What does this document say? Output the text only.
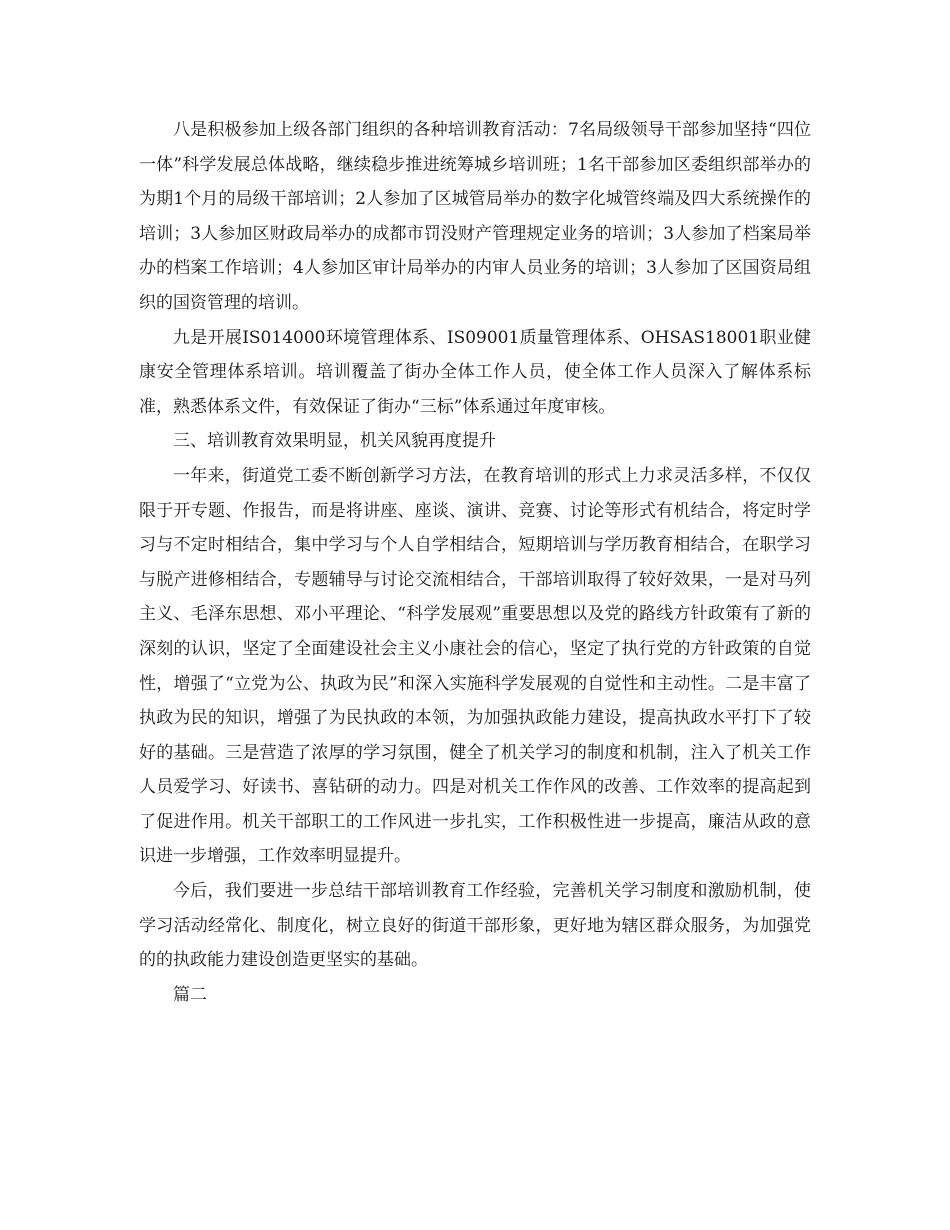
八是积极参加上级各部门组织的各种培训教育活动：7名局级领导干部参加坚持“四位一体”科学发展总体战略，继续稳步推进统筹城乡培训班；1名干部参加区委组织部举办的为期1个月的局级干部培训；2人参加了区城管局举办的数字化城管终端及四大系统操作的培训；3人参加区财政局举办的成都市罚没财产管理规定业务的培训；3人参加了档案局举办的档案工作培训；4人参加区审计局举办的内审人员业务的培训；3人参加了区国资局组织的国资管理的培训。

九是开展IS014000环境管理体系、IS09001质量管理体系、OHSAS18001职业健康安全管理体系培训。培训覆盖了街办全体工作人员，使全体工作人员深入了解体系标准，熟悉体系文件，有效保证了街办“三标”体系通过年度审核。

三、培训教育效果明显，机关风貌再度提升

一年来，街道党工委不断创新学习方法，在教育培训的形式上力求灵活多样，不仅仅限于开专题、作报告，而是将讲座、座谈、演讲、竞赛、讨论等形式有机结合，将定时学习与不定时相结合，集中学习与个人自学相结合，短期培训与学历教育相结合，在职学习与脱产进修相结合，专题辅导与讨论交流相结合，干部培训取得了较好效果，一是对马列主义、毛泽东思想、邓小平理论、“科学发展观”重要思想以及党的路线方针政策有了新的深刻的认识，坚定了全面建设社会主义小康社会的信心，坚定了执行党的方针政策的自觉性，增强了“立党为公、执政为民”和深入实施科学发展观的自觉性和主动性。二是丰富了执政为民的知识，增强了为民执政的本领，为加强执政能力建设，提高执政水平打下了较好的基础。三是营造了浓厚的学习氛围，健全了机关学习的制度和机制，注入了机关工作人员爱学习、好读书、喜钻研的动力。四是对机关工作作风的改善、工作效率的提高起到了促进作用。机关干部职工的工作风进一步扎实，工作积极性进一步提高，廉洁从政的意识进一步增强，工作效率明显提升。

今后，我们要进一步总结干部培训教育工作经验，完善机关学习制度和激励机制，使学习活动经常化、制度化，树立良好的街道干部形象，更好地为辖区群众服务，为加强党的的执政能力建设创造更坚实的基础。

篇二
